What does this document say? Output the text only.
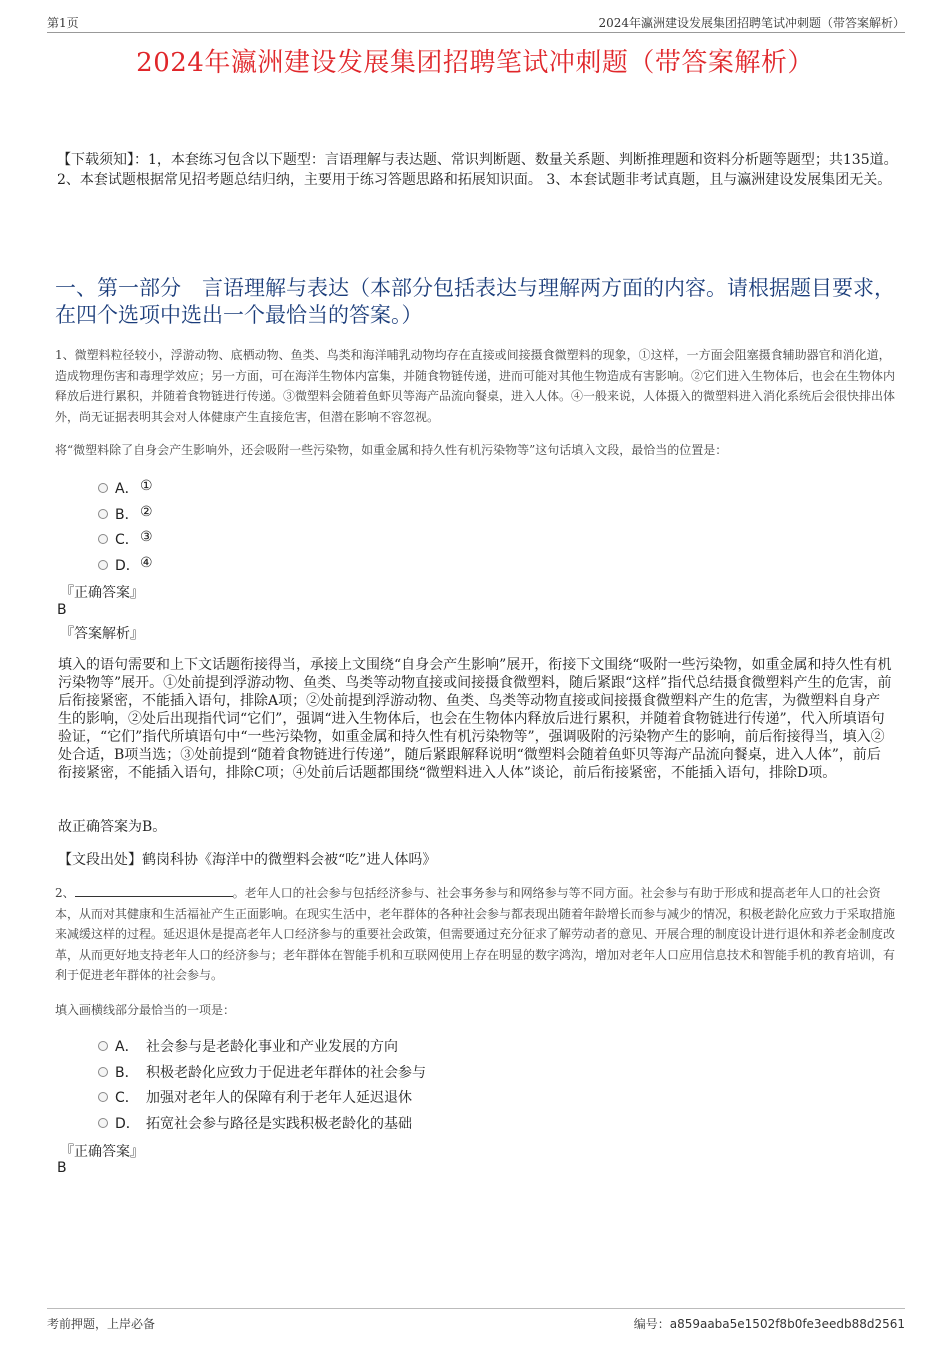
第1页	2024年瀛洲建设发展集团招聘笔试冲刺题（带答案解析）
2024年瀛洲建设发展集团招聘笔试冲刺题（带答案解析）
【下载须知】：1，本套练习包含以下题型：言语理解与表达题、常识判断题、数量关系题、判断推理题和资料分析题等题型；共135道。 2、本套试题根据常见招考题总结归纳，主要用于练习答题思路和拓展知识面。 3、本套试题非考试真题，且与瀛洲建设发展集团无关。
一、第一部分　言语理解与表达（本部分包括表达与理解两方面的内容。请根据题目要求，在四个选项中选出一个最恰当的答案。）
1、微塑料粒径较小，浮游动物、底栖动物、鱼类、鸟类和海洋哺乳动物均存在直接或间接摄食微塑料的现象，①这样，一方面会阻塞摄食辅助器官和消化道，造成物理伤害和毒理学效应；另一方面，可在海洋生物体内富集，并随食物链传递，进而可能对其他生物造成有害影响。②它们进入生物体后，也会在生物体内释放后进行累积，并随着食物链进行传递。③微塑料会随着鱼虾贝等海产品流向餐桌，进入人体。④一般来说，人体摄入的微塑料进入消化系统后会很快排出体外，尚无证据表明其会对人体健康产生直接危害，但潜在影响不容忽视。
将“微塑料除了自身会产生影响外，还会吸附一些污染物，如重金属和持久性有机污染物等”这句话填入文段，最恰当的位置是：
A． ①
B． ②
C． ③
D． ④
『正确答案』
B
『答案解析』
填入的语句需要和上下文话题衔接得当，承接上文围绕“自身会产生影响”展开，衔接下文围绕“吸附一些污染物，如重金属和持久性有机污染物等”展开。①处前提到浮游动物、鱼类、鸟类等动物直接或间接摄食微塑料，随后紧跟“这样”指代总结摄食微塑料产生的危害，前后衔接紧密，不能插入语句，排除A项；②处前提到浮游动物、鱼类、鸟类等动物直接或间接摄食微塑料产生的危害，为微塑料自身产生的影响，②处后出现指代词“它们”，强调“进入生物体后，也会在生物体内释放后进行累积，并随着食物链进行传递”，代入所填语句验证，“它们”指代所填语句中“一些污染物，如重金属和持久性有机污染物等”，强调吸附的污染物产生的影响，前后衔接得当，填入②处合适，B项当选；③处前提到“随着食物链进行传递”，随后紧跟解释说明“微塑料会随着鱼虾贝等海产品流向餐桌，进入人体”，前后衔接紧密，不能插入语句，排除C项；④处前后话题都围绕“微塑料进入人体”谈论，前后衔接紧密，不能插入语句，排除D项。
故正确答案为B。
【文段出处】鹤岗科协《海洋中的微塑料会被“吃”进人体吗》
2、	。老年人口的社会参与包括经济参与、社会事务参与和网络参与等不同方面。社会参与有助于形成和提高老年人口的社会资本，从而对其健康和生活福祉产生正面影响。在现实生活中，老年群体的各种社会参与都表现出随着年龄增长而参与减少的情况，积极老龄化应致力于采取措施来减缓这样的过程。延迟退休是提高老年人口经济参与的重要社会政策，但需要通过充分征求了解劳动者的意见、开展合理的制度设计进行退休和养老金制度改革，从而更好地支持老年人口的经济参与；老年群体在智能手机和互联网使用上存在明显的数字鸿沟，增加对老年人口应用信息技术和智能手机的教育培训，有利于促进老年群体的社会参与。
填入画横线部分最恰当的一项是：
A． 社会参与是老龄化事业和产业发展的方向
B． 积极老龄化应致力于促进老年群体的社会参与
C． 加强对老年人的保障有利于老年人延迟退休
D． 拓宽社会参与路径是实践积极老龄化的基础
『正确答案』
B
考前押题，上岸必备	编号：a859aaba5e1502f8b0fe3eedb88d2561
